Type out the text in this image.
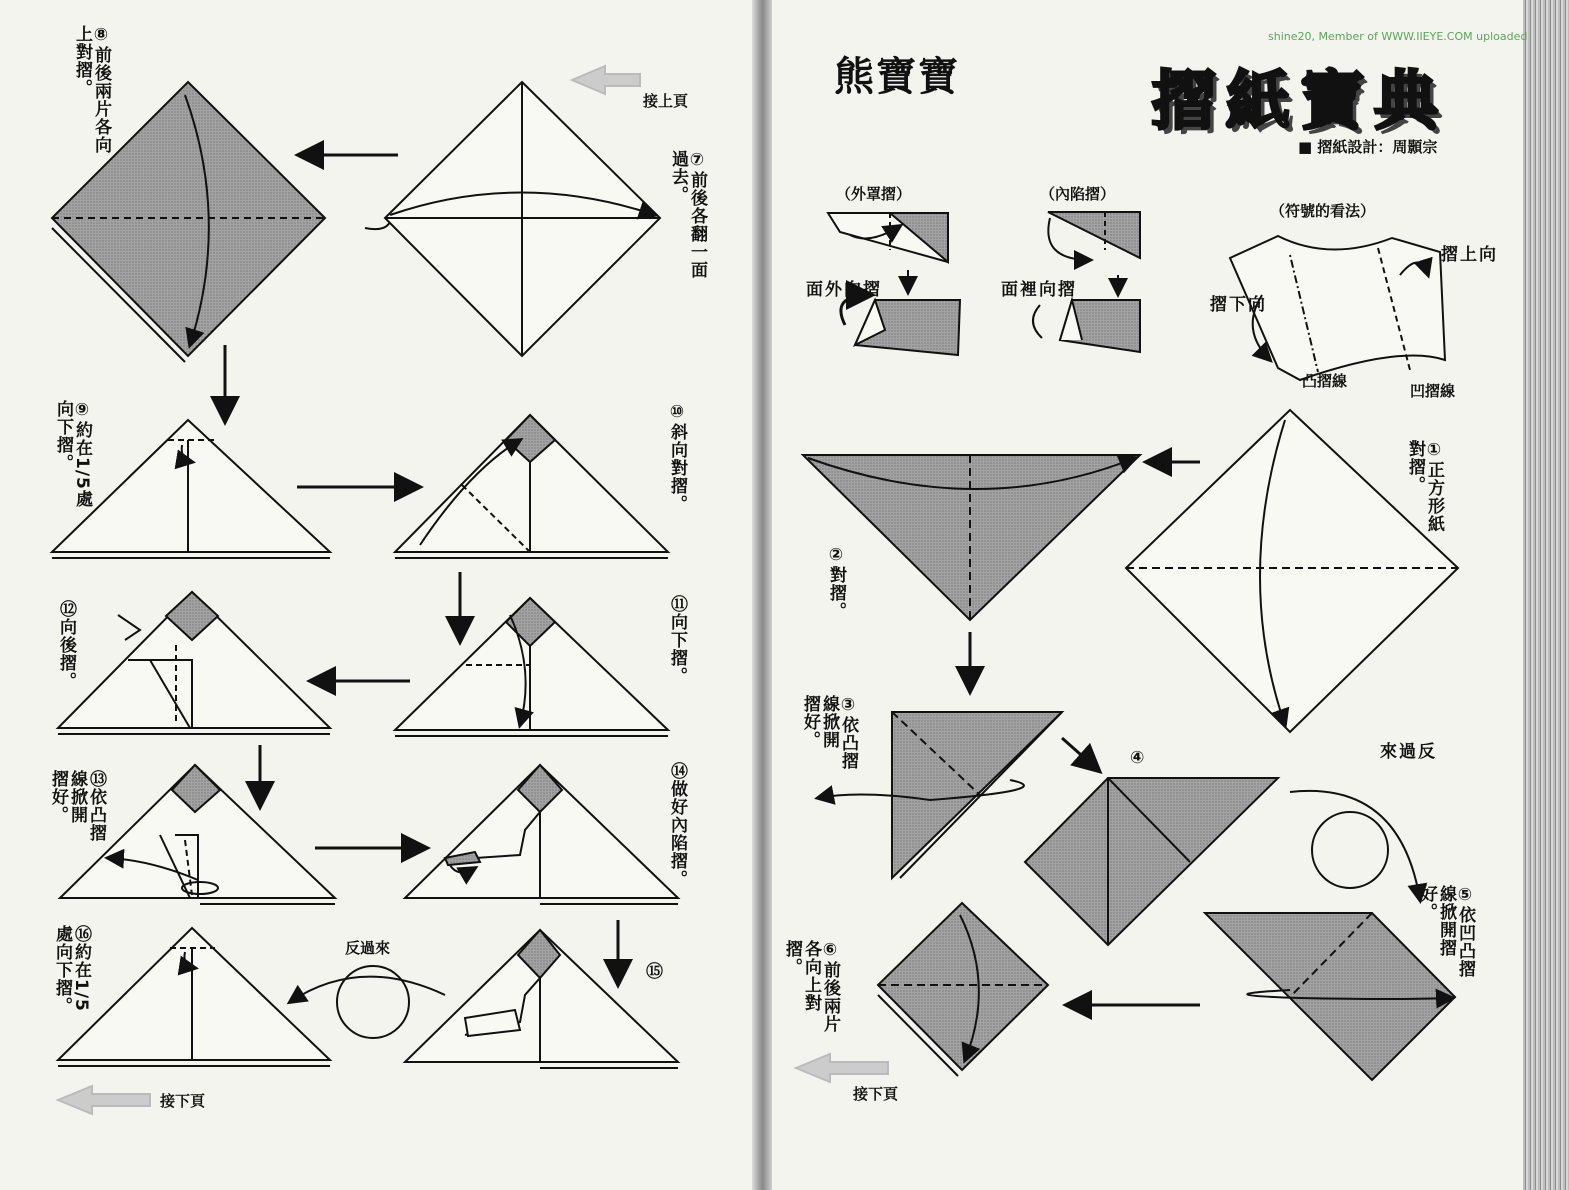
接上頁
接下頁
⑧前後兩片各向
上對摺。
⑦前後各翻一面
過去。
⑨約在1/5處
向下摺。	⑩斜向對摺。
⑫向後摺。	⑪向下摺。
⑬依凸摺
線掀開
摺好。	⑭做好內陷摺。
⑯約在1/5
處向下摺。	⑮
反過來
熊寶寶	摺紙寶典
■ 摺紙設計：周顥宗
shine20, Member of WWW.IIEYE.COM uploaded
（外罩摺）	（內陷摺）
（符號的看法）
摺
向
外
面	摺
向
裡
面
向
上
摺
向
下
摺
凸摺線
凹摺線
①正方形紙
對摺。
②對摺。
③依凸摺
線掀開
摺好。
④	反
過
來
⑤依凹凸摺
線掀開摺
好。
⑥前後兩片
各向上對
摺。
接下頁
